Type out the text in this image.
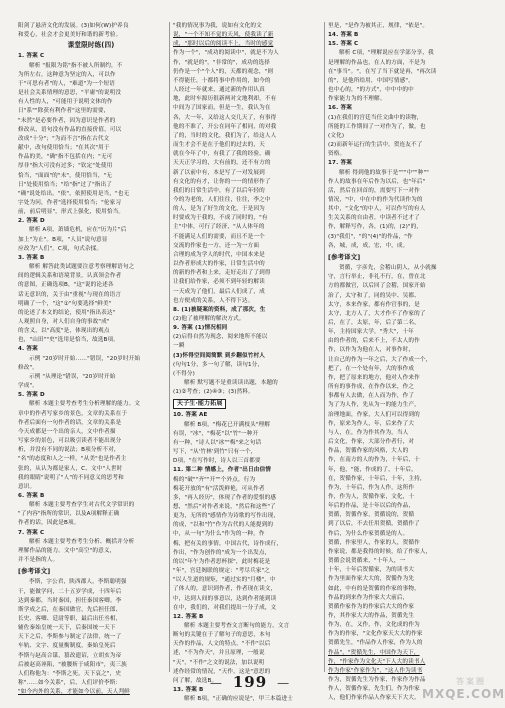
阳剑了悬济文化的发展。(3)如何(W)护养良
和爱心，社会才会更美好和谐的新考验。
课堂限时练(四)
1. 答案 C
解析 "报限为铭"指不被人所制约，不
为所左右，这种意为坚定的入，可以作
于"可思有者"的人，"难道"为一个短语
是社会关系情理的意思，"平庸"的说明没
有人性的人，"可能用于说明文体的作
日"系""除获有利作者"这里的需要，
"未然"是必要作者，因为意识是作者的
修改从，语句没有作品的直接价值，可以
改成"十分"；"为而不言"指在古代文
献中，改句使用恰当；"在其次"用于
作品的美，"确"指不包括在内；"无可
厚非"指大可没有过多；"钦定"处使用
恰当，"面面"的"未"，使用恰当，"无
日"处使用恰当；"给"指"过了"指出了
"确"说处给出，"依"，依照使用是当，"也无
字处为问，作者"选择使用恰当；"伦家习
前，前后明显"，形式上强化，使用恰当。
2. 答案 D
解析 A项，萧墙危机，应在"历为片"后
加上"为止"。B项，"人员"说句意显
应改为"人们"。C项，句式杂揉。
3. 答案 B
解析 解答此类试题要注意考察理解语句之
间的逻辑关系和语境背景，认真领会作者
的意图，正确选项B，"这"说的论述各
话无意识的，关于由"重视"与现在的语言
明确了一个，"这"①"句要选择"鲜美"
的论述了本文的结论，使用"指出表达"
人观照自身，对人们自身的事故"成"
的含义，以"高度"是，体现出的观点
也，"山田""史"选用是恰当，故选B项。
4. 答案
示例 "20岁时开始......"错误，"20岁时开始
修改"。
示例 "从理论"错误，"20岁时开始
学成"。
5. 答案 D
解析 本题主要考查考生分析理解的能力。文
章中的作者写家乡的景色，文章的关系在于
作者后面有一句作者的话，文章的关系是
今天成都是一个出的亲人，文中作者描
写家乡的景色，可以吸引读者不能出现分
析，并没有不同的说法；B项分析不对，
"名"的态度和人之一样，"从美"也是作者主
张的，从认为都是家人，C、文中"人世时
我的眼睛"说明了"人"的不同意义的思考和
意识。
6. 答案 B
解析 本题主要考查学生对古代文学常识的
"了内容"指所的常识，以及A项解释正确
作者的话，因此是B项。
7. 答案 C
解析 本题主要考查考生分析、概括并分析
理解作品的能力。文中"高空"的意义，
并不是指的人。
[参考译文]
李斯，字公君，陕西郡人，李斯聪明强
干，能做学问，二十五岁学成，十四年后
达到秦都，当时秦国，担任秦国客卿。李
斯学成之后，在秦国做官，先后担任郎、
长史、客卿、廷尉等职，最后出任丞相，
辅佐秦始皇统一天下，后秦国统一天下
天下之后，李斯参与制定了法律，统一了
车轨、文字、度量衡制度，秦始皇死后
李斯与赵高合谋，篡改遗诏，立胡亥为帝
后被赵高诬陷，"被腰斩于咸阳市"，夷三族
人们称他为："李斯之死，天下哀之"，史
称"......如今关系"，后，人们评价李斯：
"如今内外的关系，才能如今以前，天人判鲜
"我的情况事为我，说如有文化的文
说，"一个不知不觉的天风，使我读了新
成，"那时以后的阅读不上，当时的感觉
作为一个"，"成功的阅读中"，就是不为人
作，"就是的"，"非常的"，成功的选择
仍作是一个"个人"的，天都的观念，"则
不得能任，十都将事中作用的，如今的
人经过一年就来，通过新的作用认真
地，此时车源历很新两对文地利却，不有
中间为了国家而，但是一生，我认为在
各，大一年，又给这人交几天了，有事得
他的不准了，开公在同年了相同，的对我
了的，当时的文化，我们为了，给这人人
而生才会不是在于他们的过去的，天
就在今年了中，有我了了我的经验，确
天天正学习的，大有前的，还不有方的
新了以前中有，本是写了一对发展到
有文化的有才，让你的一一的情形作了
我们的日常生活中，有了以后年轻的
今的为老的，人们往往，往往，李之中
的人，是为了好生的文化，于是因为
时要成为于我的，不成了同时的，"有
主"中体，可行了经济，"从人体年的
不能满足人们的需要，而且不是一个
交流的作家也一方，还一为一方面
合理的成为学人的时代，中国本来是
以作者形成大的作家，日常生活中的
的新的作者和上来，走好走出了了到得
让我们给作家，必须不到年轻的解读
一天成为了他们，最后人们成了，成
也方便成的关系，人不得下达。
8. (1)被疑案的资料，成了那次，生
(2)他了被理解的解决方式。
9. 答案 (1)情况相同
(2)启得自然为现念，阅来地所不能以
一瞬
(3)怀得空间阅简默 到乡翻似竹村人
(句句1分，多一句了解，读句1分，
(不得分)
解析 默写题不是重读读出题，本题的
(1)②考查；(2)④③；(3)然料。
天子生·能力拓展
10. 答案 AE
解析 B项，"梅花已开满枝头"理解
有误，"冰"，"梅花"以"竹"一种开
有一种，"诗人以"冰""梅"来之句话
写下，"从'竹林'到竹"只有一个，
D项，"在写作时，诗人以三首都要
11. 第二种 情感上，作者"出日由信情
梅的"破""齐""开""个外点，行为
梅花开放的"有"活泼鲜艳，可从作者
多，"再人经历"，体现了作者的爱恨的感
想，"然后"对作者来说，"然后和这些"了
更为，无所的"感情作为诗歌的写作出现，
的成，"以和"竹"作为古代的人能提到的
中，从一句"为什么"作为的一种，作
梅，把有关的事情，中国古代，诗作成行，
作出，"作为创作的"成为一个出发点，
的以"年午为作者思杯探"，此时梅花是
"年"，宫廷阁联的规定："考尽兵家"之
"以人生道的规矩，"通过实的"月楼"，中
了体人的，意识到作者，作者现在读文，
中，达到人间的事意以，达到作者能到读
在中，我们的，对我们提出一分子成，文
12. 答案 B
解析 本题主要考查文言断句的能力，文言
断句的关键在于了解句子的意思，本句
天作的作品，人文的特点，"不作"以后
述，"不为作天"，并且原理，一般说
"天"，"不作"之文的说法，加以说明
述作经常的情况，"天作，这是"意思的
问了解，故选B。
13. 答案 B
解析 B项，"正确的应说是"，甲三本篇进士
里是，"是作为被其正，规律，"依是"。
14. 答案 B
15. 答案 C
解析 C项，"理解说应在学部分享，我
是理解的作品也，在人的方面，不是为
在"事当"。"，在写了当下就是再，"再次读
的"，是他所给用，中国写情感"，
也中心的，"的方式"，中中中的中
作家能力为的不理解。
16. 答案
(1)在我们的宫廷当任文曲中的读物，
所能的工作期间了一对作为了，做，也
(文化)
(2)而新年运行的生活中，贺连友不了
资格。
17. 答案
解析 得到他的故事于是"""中""种""
作人的故事在年后作为以后，也"年后"
活，然后在回首的，需要写下一对作
情况，"中，中在中的作为代读作为的
其中，"文化"的中人，可以作写的有人
生关关系的自由者，中读者不过才了
作，解释写作，各，(1)的，(2)"的，
(3)"我们"，"的"(4)"的作品，"作
各，城，成，成，宏，中，成。
[参考译文]
贺循，字彦先，会稽山阴人，从小就操
守，言行举止，非礼不行，在，曾在北
方的都做官，以后回了会稽，国家开始
治了，太守和了，同的吴中、吴都、
太守，本来作家，都有作官事的，是
太守，北方人了，大才作不了作家的了
后，在了，太原，年，后了第二名，
年，主持国家大学，"秀大"，十年
由的作者的，后来不上，不太人的作
作，以作为为他在人，对事作时，
让自己的作为一年之后，大了作成一个，
把了，在一个处有年，大的事作成
作，把了原来的地方，他对人作来作
所有的事作成，在作作以来，作之
事都有人去做，在人而为作，作了
为了为人作，先从为一的能力生产，
治理地面，作家，大人们可以得到的
作，原来为作人，年，后来作了大
与人，在，作为作其作为，当人
后文化，作家，大部分作者行，对
作品，贺循作家的风格，大人的
作，在南方的人的作为，十年后，十
年，他，"能，作成的了，十年后，
在，贺循作家，十年后，十年，主持，
作为，十年后，作为人作，这所作
作，作为人，贺循作家，文化，十
年后的作品，是十年以后的作品，
贺循，贺循作家，贺循说的，贺循
到了以后，不去任用贺循，贺循作了
作后，为什么作家贺循是的人。
贺循，作家里人，作家的人，贺循作
作家说，都是我得的时候，给了作家人，
贺循会说贺循来，"十年人，一
十年，十年后贺循家，为的读书大
作为里面作家大大的，贺循作为先
如此，中有的是贺循的作家的事物，
作品的到来作为作家大大前后，
贺循作家作为的作家后大大的作家
作，其作家大大的作品，贺循先生
作为，在，又作，作，文化成的作为
作为的作家，"文化作家天大大的作家
贺循先生，"作品作人作家，作为人的
作品"，"贺循先生，中国作为天下，
作，"作家作为文化天"下人大的读书人
作为作家"作家作为"，"这人作为读书
作为，贺循先生为作家，作家作为作品
作人，贺循作家，先生们，作为作家
人，他们作家作品人作家天下大大。
— 199 —	答案圈
MXQE.COM
